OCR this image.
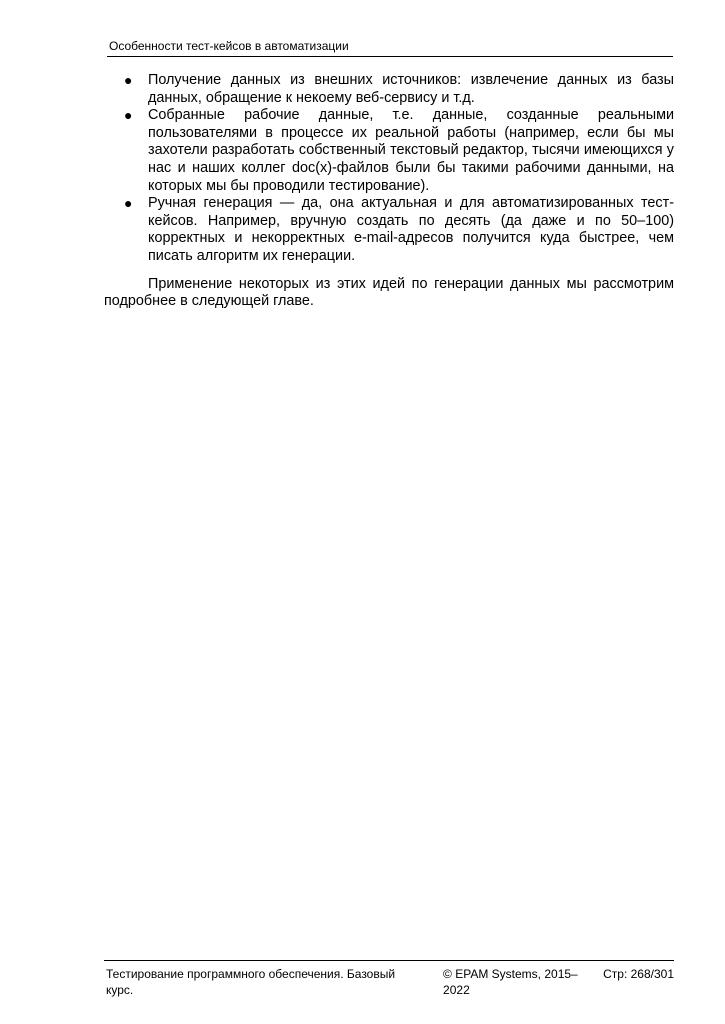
Особенности тест-кейсов в автоматизации
● Получение данных из внешних источников: извлечение данных из базы данных, обращение к некоему веб-сервису и т.д.
● Собранные рабочие данные, т.е. данные, созданные реальными пользователями в процессе их реальной работы (например, если бы мы захотели разработать собственный текстовый редактор, тысячи имеющихся у нас и наших коллег doc(x)-файлов были бы такими рабочими данными, на которых мы бы проводили тестирование).
● Ручная генерация — да, она актуальная и для автоматизированных тест-кейсов. Например, вручную создать по десять (да даже и по 50–100) корректных и некорректных e-mail-адресов получится куда быстрее, чем писать алгоритм их генерации.

Применение некоторых из этих идей по генерации данных мы рассмотрим подробнее в следующей главе.

Тестирование программного обеспечения. Базовый курс.
© EPAM Systems, 2015–2022
Стр: 268/301
